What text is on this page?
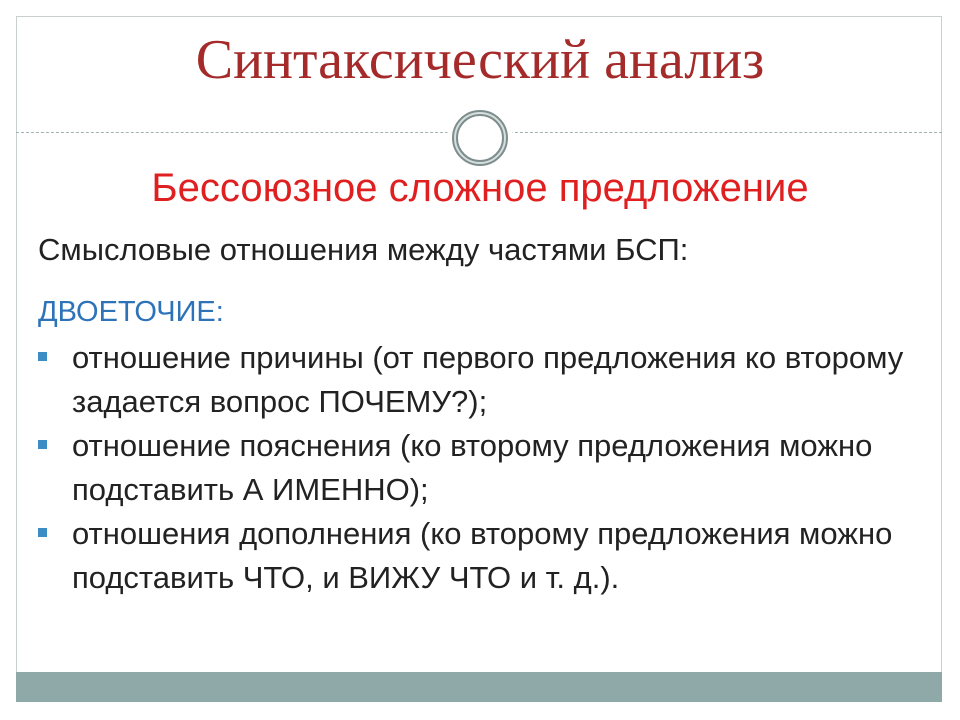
Синтаксический анализ
Бессоюзное сложное предложение
Смысловые отношения между частями БСП:
ДВОЕТОЧИЕ:
отношение причины (от первого предложения ко второму задается вопрос ПОЧЕМУ?);
отношение пояснения (ко второму предложения можно подставить А ИМЕННО);
отношения дополнения (ко второму предложения можно подставить ЧТО, и ВИЖУ ЧТО и т. д.).
